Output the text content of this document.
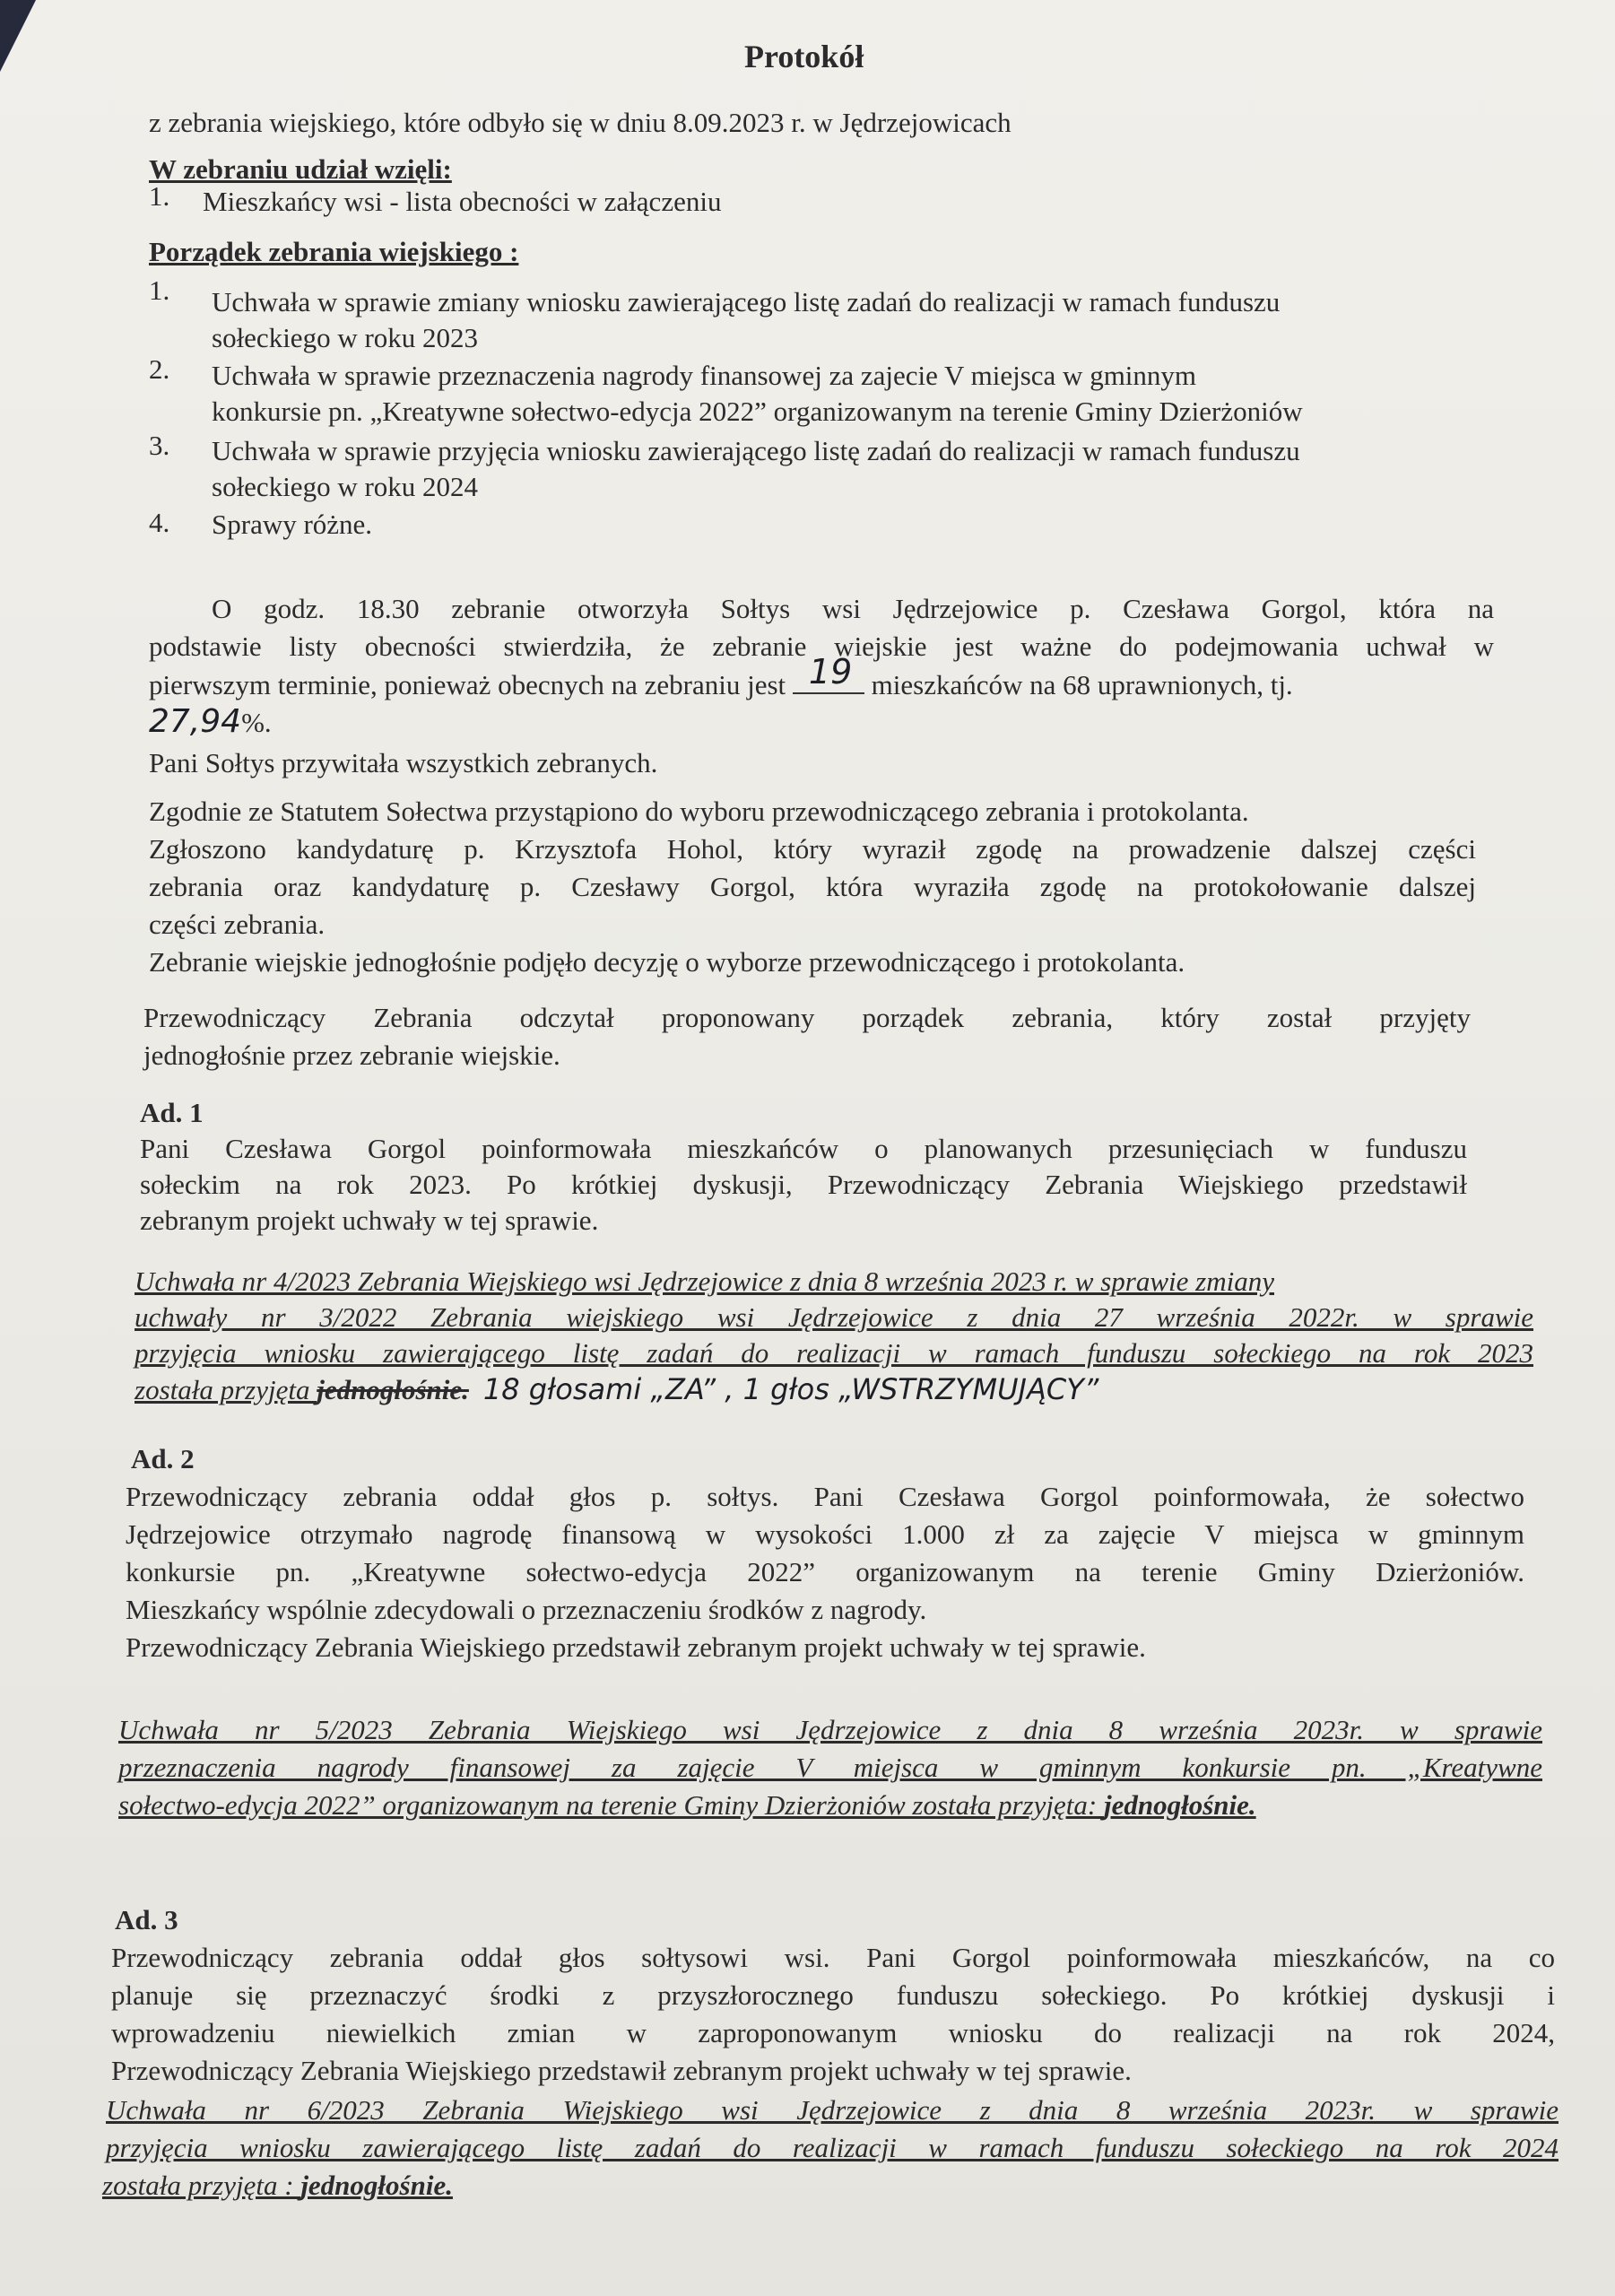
Protokół
z zebrania wiejskiego, które odbyło się w dniu 8.09.2023 r. w Jędrzejowicach
W zebraniu udział wzięli:
1. Mieszkańcy wsi - lista obecności w załączeniu
Porządek zebrania wiejskiego :
1. Uchwała w sprawie zmiany wniosku zawierającego listę zadań do realizacji w ramach funduszu
sołeckiego w roku 2023
2. Uchwała w sprawie przeznaczenia nagrody finansowej za zajecie V miejsca w gminnym
konkursie pn. „Kreatywne sołectwo-edycja 2022” organizowanym na terenie Gminy Dzierżoniów
3. Uchwała w sprawie przyjęcia wniosku zawierającego listę zadań do realizacji w ramach funduszu
sołeckiego w roku 2024
4. Sprawy różne.
O godz. 18.30 zebranie otworzyła Sołtys wsi Jędrzejowice p. Czesława Gorgol, która na
podstawie listy obecności stwierdziła, że zebranie wiejskie jest ważne do podejmowania uchwał w
pierwszym terminie, ponieważ obecnych na zebraniu jest 19 mieszkańców na 68 uprawnionych, tj.
27,94%.
Pani Sołtys przywitała wszystkich zebranych.
Zgodnie ze Statutem Sołectwa przystąpiono do wyboru przewodniczącego zebrania i protokolanta.
Zgłoszono kandydaturę p. Krzysztofa Hohol, który wyraził zgodę na prowadzenie dalszej części
zebrania oraz kandydaturę p. Czesławy Gorgol, która wyraziła zgodę na protokołowanie dalszej
części zebrania.
Zebranie wiejskie jednogłośnie podjęło decyzję o wyborze przewodniczącego i protokolanta.
Przewodniczący Zebrania odczytał proponowany porządek zebrania, który został przyjęty
jednogłośnie przez zebranie wiejskie.
Ad. 1
Pani Czesława Gorgol poinformowała mieszkańców o planowanych przesunięciach w funduszu
sołeckim na rok 2023. Po krótkiej dyskusji, Przewodniczący Zebrania Wiejskiego przedstawił
zebranym projekt uchwały w tej sprawie.
Uchwała nr 4/2023 Zebrania Wiejskiego wsi Jędrzejowice z dnia 8 września 2023 r. w sprawie zmiany
uchwały nr 3/2022 Zebrania wiejskiego wsi Jędrzejowice z dnia 27 września 2022r. w sprawie
przyjęcia wniosku zawierającego listę zadań do realizacji w ramach funduszu sołeckiego na rok 2023
została przyjęta jednogłośnie. 18 głosami „ZA” , 1 głos „WSTRZYMUJĄCY”
Ad. 2
Przewodniczący zebrania oddał głos p. sołtys. Pani Czesława Gorgol poinformowała, że sołectwo
Jędrzejowice otrzymało nagrodę finansową w wysokości 1.000 zł za zajęcie V miejsca w gminnym
konkursie pn. „Kreatywne sołectwo-edycja 2022” organizowanym na terenie Gminy Dzierżoniów.
Mieszkańcy wspólnie zdecydowali o przeznaczeniu środków z nagrody.
Przewodniczący Zebrania Wiejskiego przedstawił zebranym projekt uchwały w tej sprawie.
Uchwała nr 5/2023 Zebrania Wiejskiego wsi Jędrzejowice z dnia 8 września 2023r. w sprawie
przeznaczenia nagrody finansowej za zajęcie V miejsca w gminnym konkursie pn. „Kreatywne
sołectwo-edycja 2022” organizowanym na terenie Gminy Dzierżoniów została przyjęta: jednogłośnie.
Ad. 3
Przewodniczący zebrania oddał głos sołtysowi wsi. Pani Gorgol poinformowała mieszkańców, na co
planuje się przeznaczyć środki z przyszłorocznego funduszu sołeckiego. Po krótkiej dyskusji i
wprowadzeniu niewielkich zmian w zaproponowanym wniosku do realizacji na rok 2024,
Przewodniczący Zebrania Wiejskiego przedstawił zebranym projekt uchwały w tej sprawie.
Uchwała nr 6/2023 Zebrania Wiejskiego wsi Jędrzejowice z dnia 8 września 2023r. w sprawie
przyjęcia wniosku zawierającego listę zadań do realizacji w ramach funduszu sołeckiego na rok 2024
została przyjęta : jednogłośnie.
